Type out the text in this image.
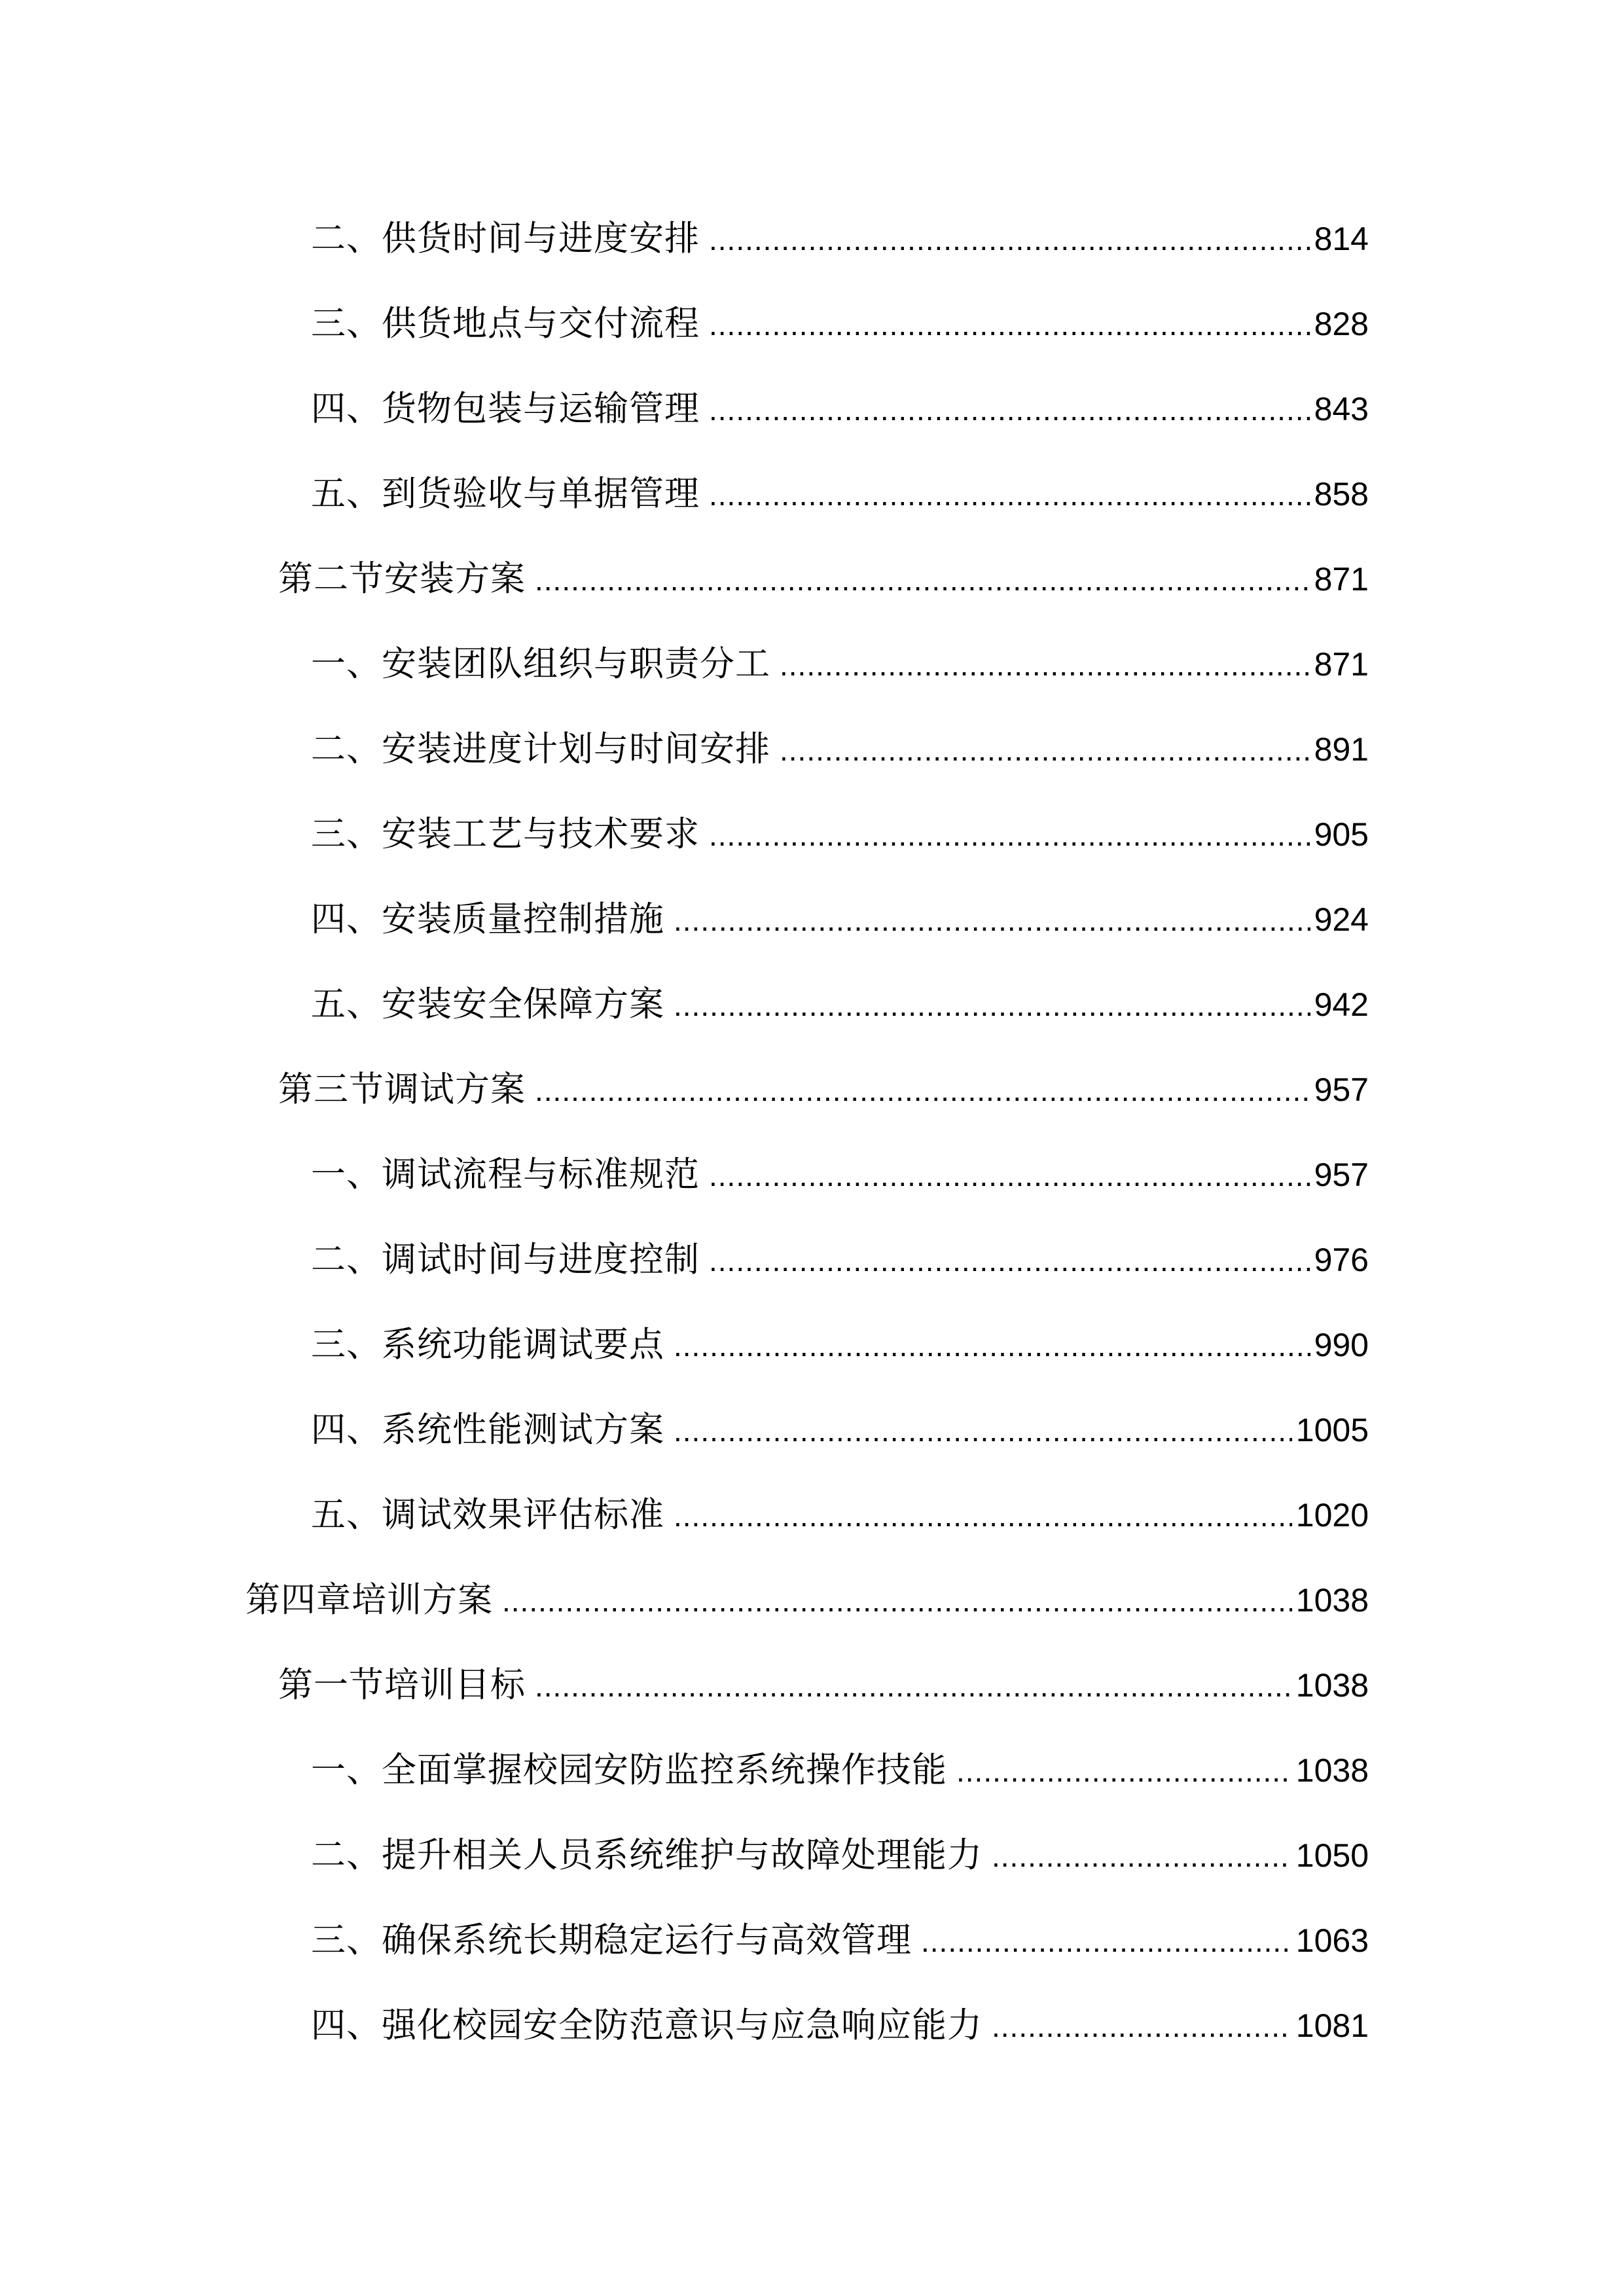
二、供货时间与进度安排 .....	814
三、供货地点与交付流程 .....	828
四、货物包装与运输管理 .....	843
五、到货验收与单据管理 .....	858
第二节安装方案 .....	871
一、安装团队组织与职责分工 .....	871
二、安装进度计划与时间安排 .....	891
三、安装工艺与技术要求 .....	905
四、安装质量控制措施 .....	924
五、安装安全保障方案 .....	942
第三节调试方案 .....	957
一、调试流程与标准规范 .....	957
二、调试时间与进度控制 .....	976
三、系统功能调试要点 .....	990
四、系统性能测试方案 .....	1005
五、调试效果评估标准 .....	1020
第四章培训方案 .....	1038
第一节培训目标 .....	1038
一、全面掌握校园安防监控系统操作技能 .....	1038
二、提升相关人员系统维护与故障处理能力 .....	1050
三、确保系统长期稳定运行与高效管理 .....	1063
四、强化校园安全防范意识与应急响应能力 .....	1081
